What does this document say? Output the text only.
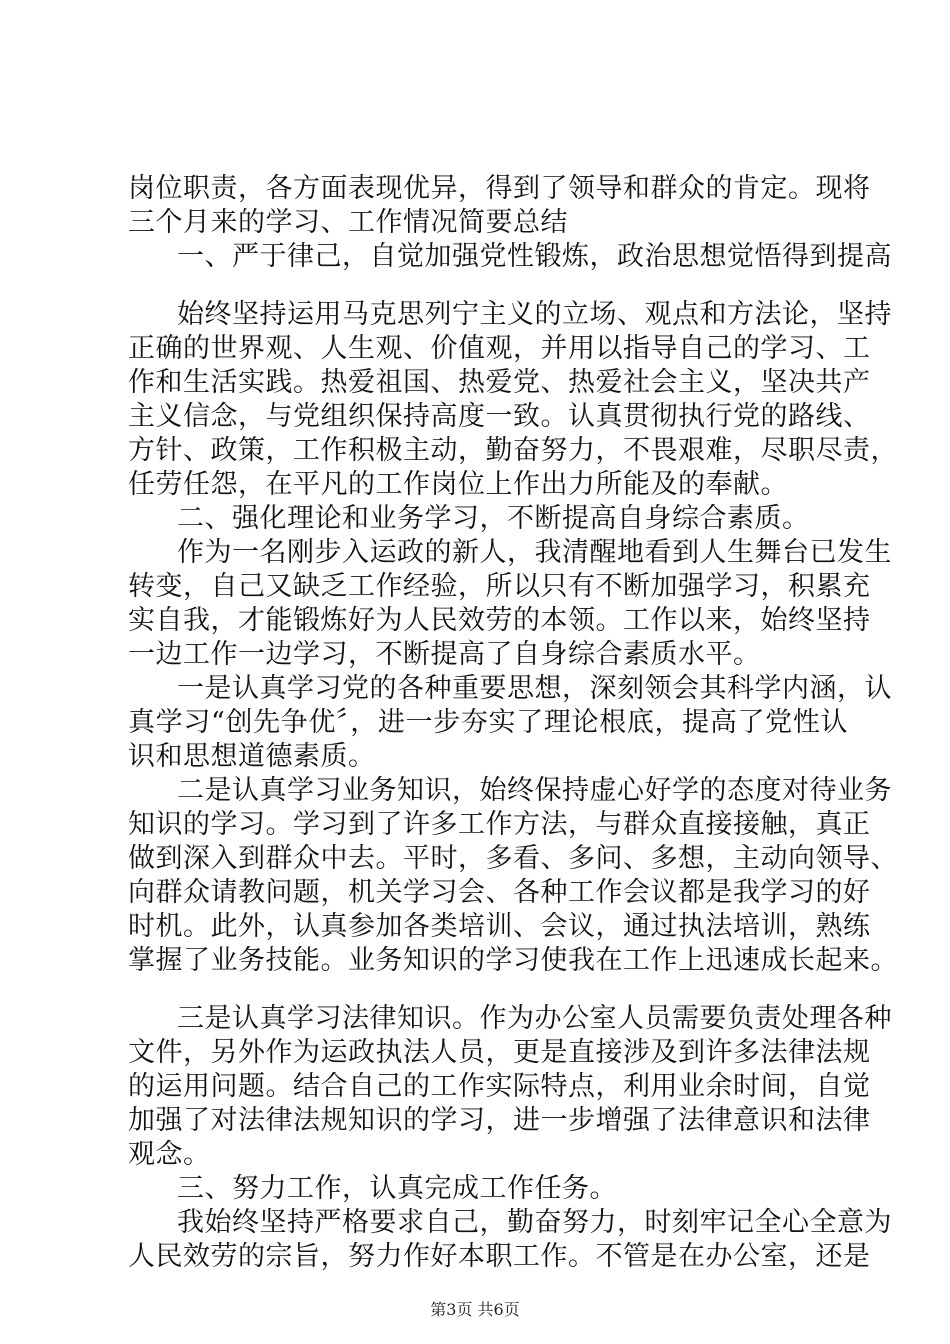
岗位职责，各方面表现优异，得到了领导和群众的肯定。现将
三个月来的学习、工作情况简要总结
一、严于律己，自觉加强党性锻炼，政治思想觉悟得到提高
始终坚持运用马克思列宁主义的立场、观点和方法论，坚持
正确的世界观、人生观、价值观，并用以指导自己的学习、工
作和生活实践。热爱祖国、热爱党、热爱社会主义，坚决共产
主义信念，与党组织保持高度一致。认真贯彻执行党的路线、
方针、政策，工作积极主动，勤奋努力，不畏艰难，尽职尽责，
任劳任怨，在平凡的工作岗位上作出力所能及的奉献。
二、强化理论和业务学习，不断提高自身综合素质。
作为一名刚步入运政的新人，我清醒地看到人生舞台已发生
转变，自己又缺乏工作经验，所以只有不断加强学习，积累充
实自我，才能锻炼好为人民效劳的本领。工作以来，始终坚持
一边工作一边学习，不断提高了自身综合素质水平。
一是认真学习党的各种重要思想，深刻领会其科学内涵，认
真学习“创先争优〞，进一步夯实了理论根底，提高了党性认
识和思想道德素质。
二是认真学习业务知识，始终保持虚心好学的态度对待业务
知识的学习。学习到了许多工作方法，与群众直接接触，真正
做到深入到群众中去。平时，多看、多问、多想，主动向领导、
向群众请教问题，机关学习会、各种工作会议都是我学习的好
时机。此外，认真参加各类培训、会议，通过执法培训，熟练
掌握了业务技能。业务知识的学习使我在工作上迅速成长起来。
三是认真学习法律知识。作为办公室人员需要负责处理各种
文件，另外作为运政执法人员，更是直接涉及到许多法律法规
的运用问题。结合自己的工作实际特点，利用业余时间，自觉
加强了对法律法规知识的学习，进一步增强了法律意识和法律
观念。
三、努力工作，认真完成工作任务。
我始终坚持严格要求自己，勤奋努力，时刻牢记全心全意为
人民效劳的宗旨，努力作好本职工作。不管是在办公室，还是
第3页 共6页
